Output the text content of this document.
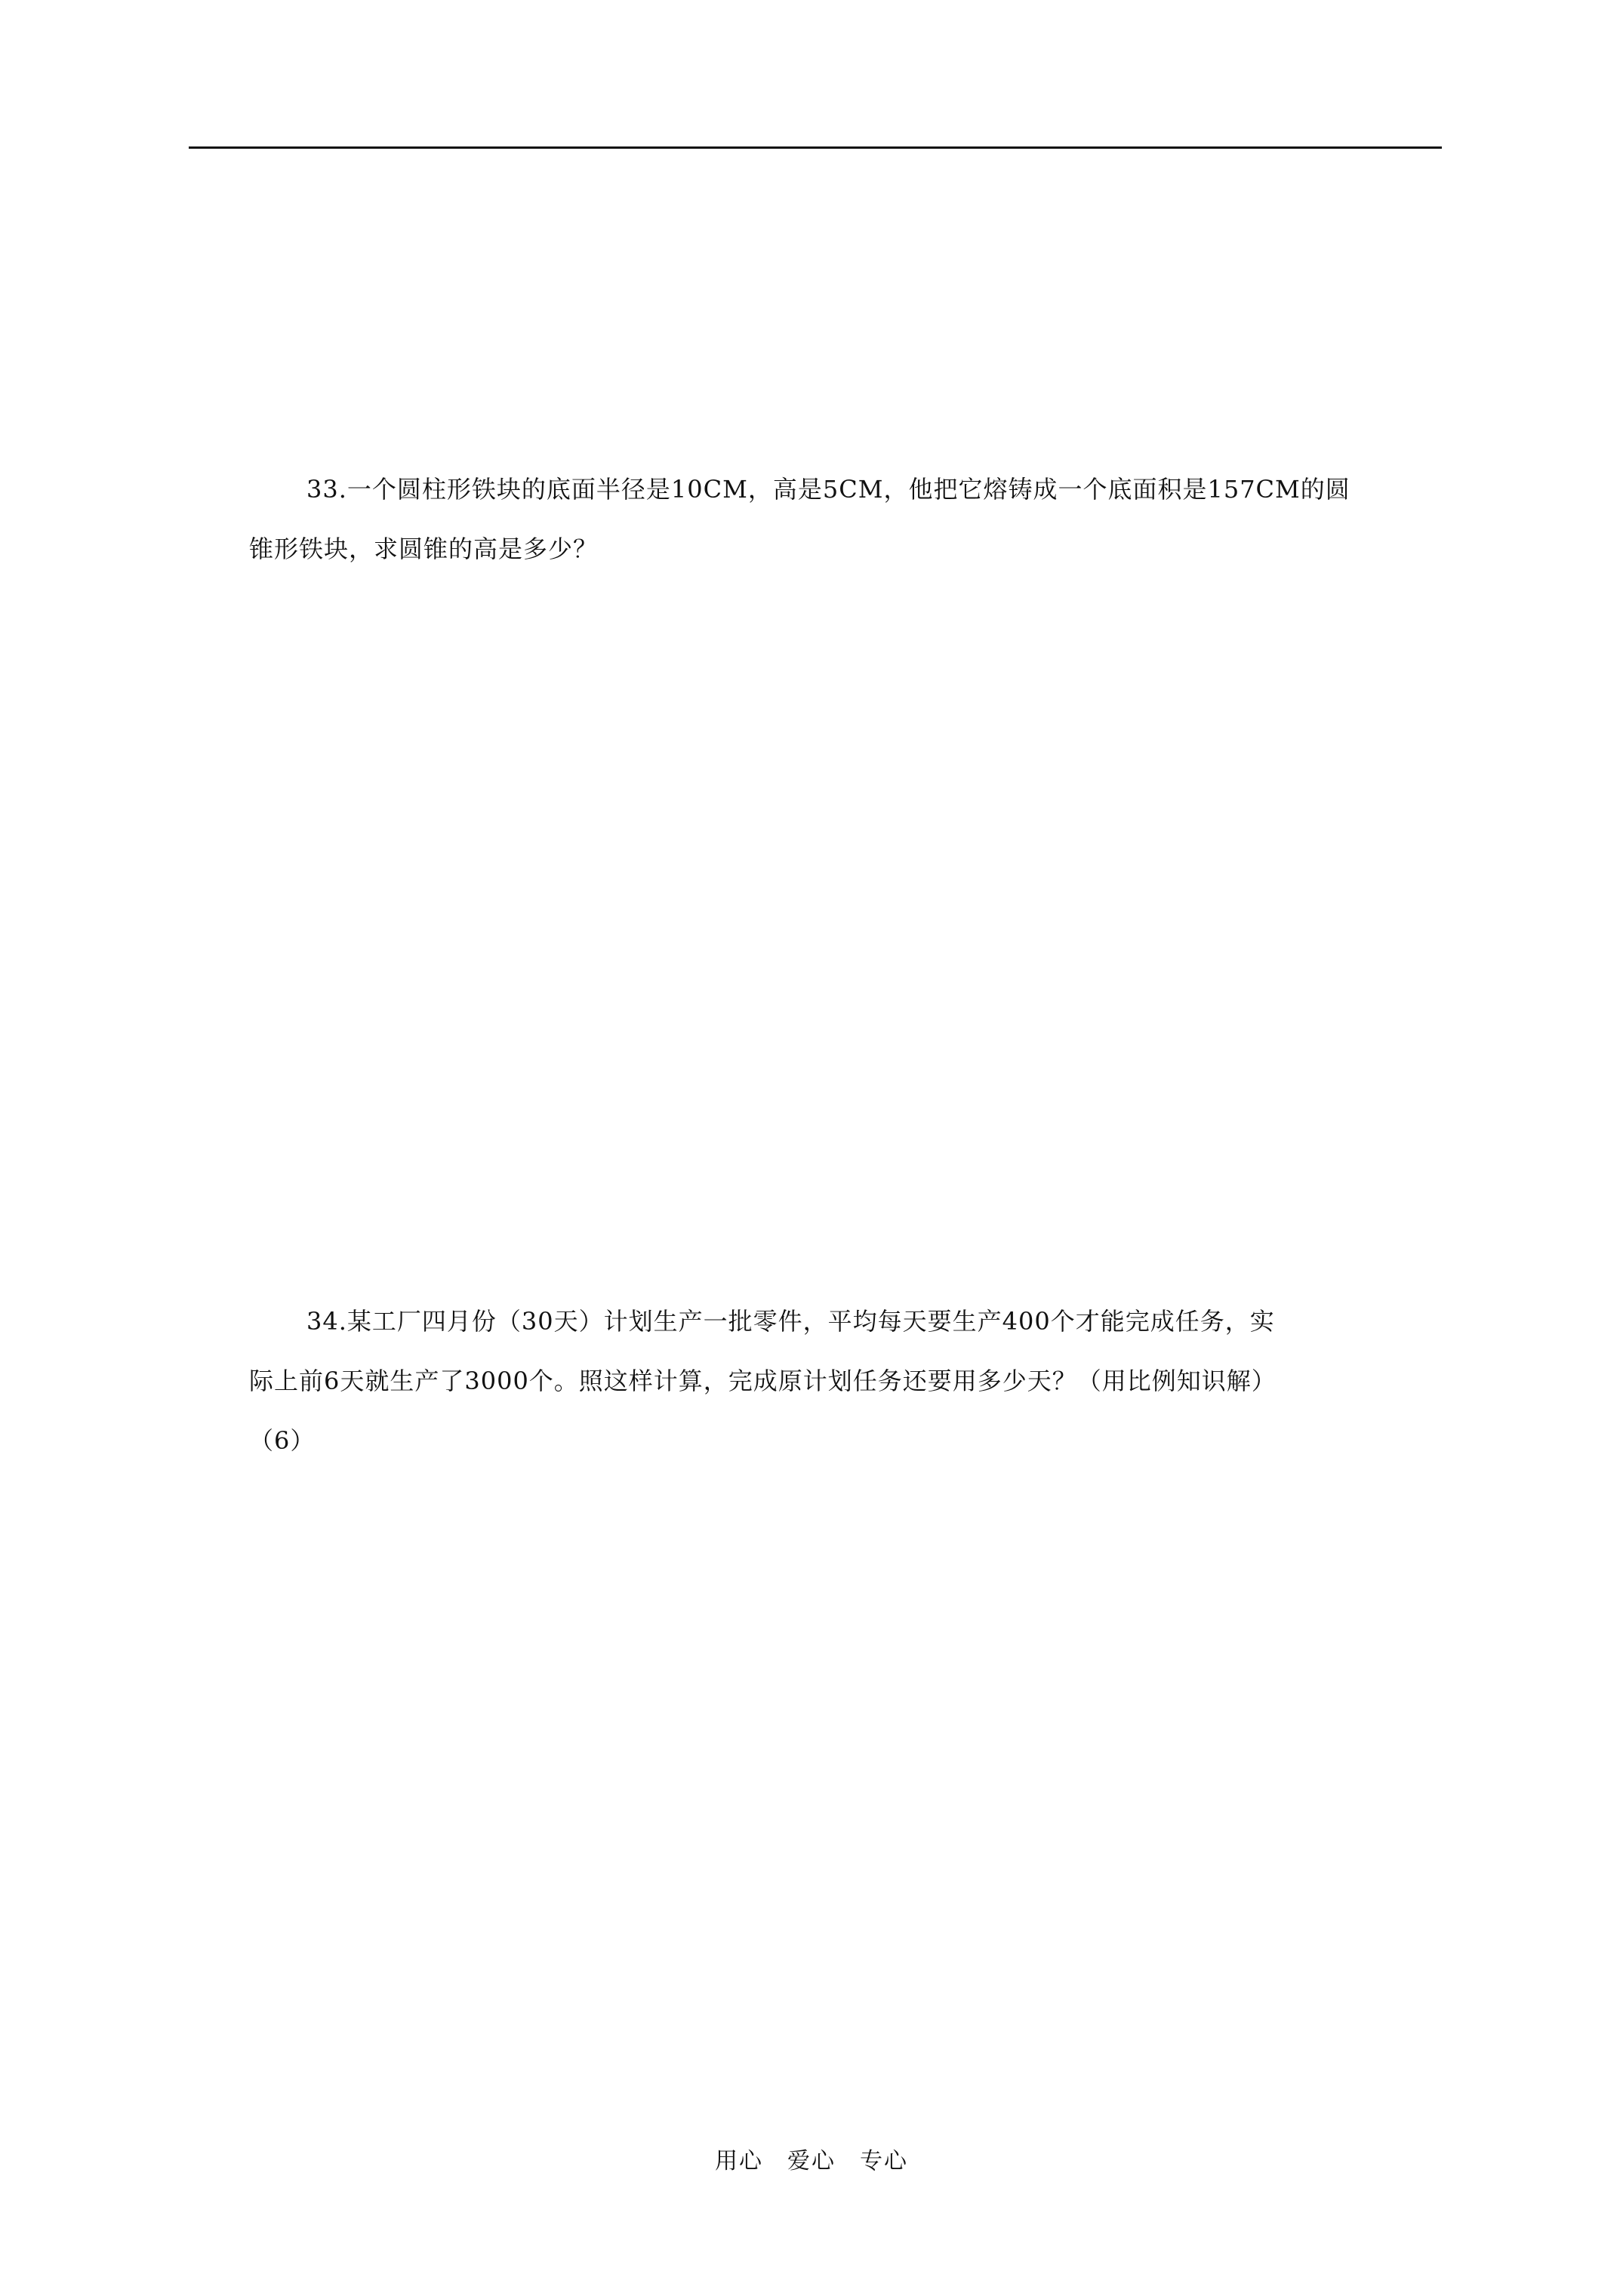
33.一个圆柱形铁块的底面半径是10CM，高是5CM，他把它熔铸成一个底面积是157CM的圆
锥形铁块，求圆锥的高是多少？
34.某工厂四月份（30天）计划生产一批零件，平均每天要生产400个才能完成任务，实
际上前6天就生产了3000个。照这样计算，完成原计划任务还要用多少天？（用比例知识解）
（6）
用心　爱心　专心
